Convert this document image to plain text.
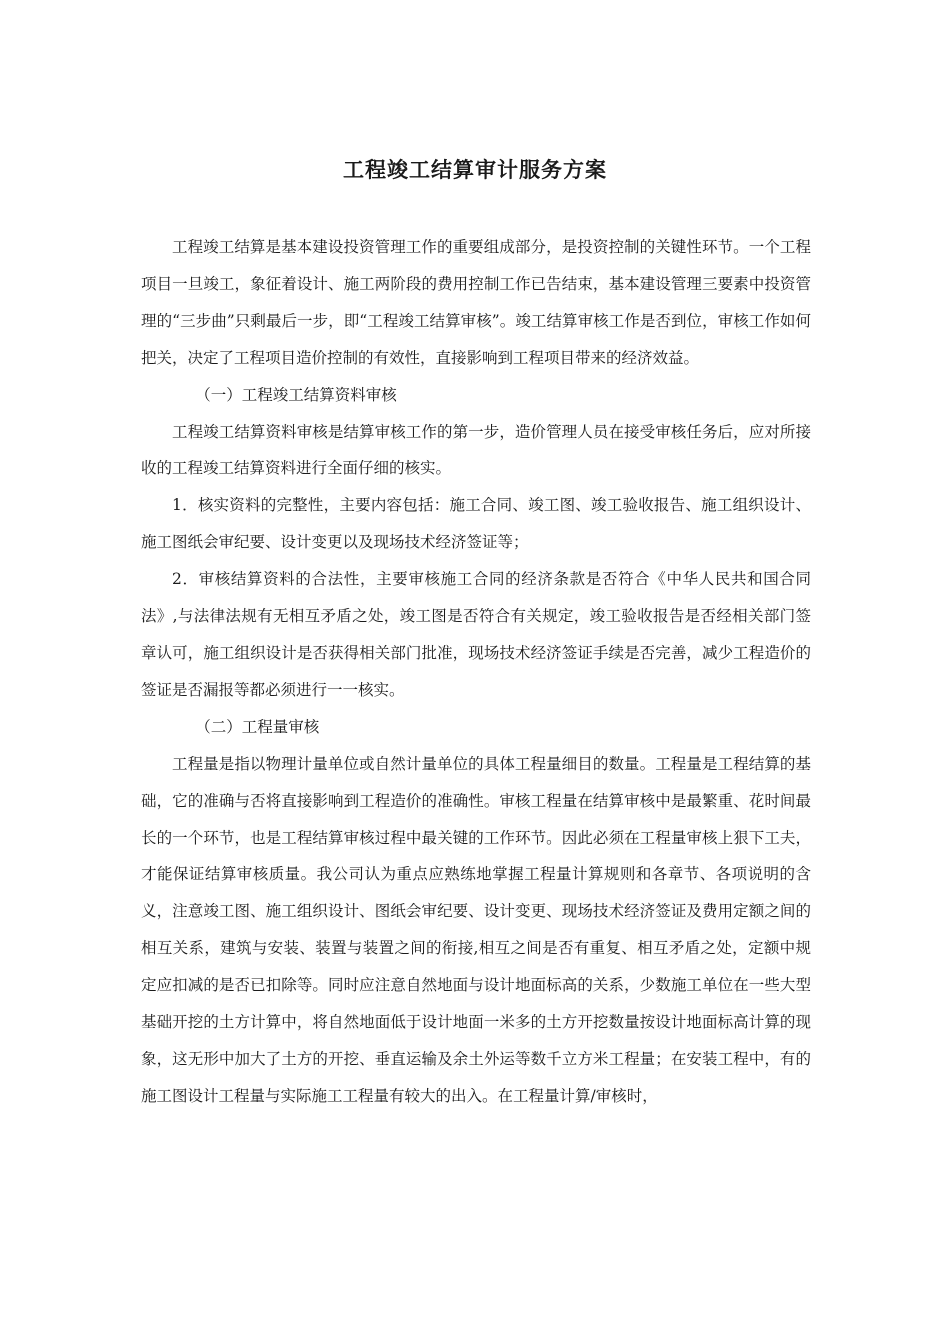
工程竣工结算审计服务方案

工程竣工结算是基本建设投资管理工作的重要组成部分，是投资控制的关键性环节。一个工程项目一旦竣工，象征着设计、施工两阶段的费用控制工作已告结束，基本建设管理三要素中投资管理的“三步曲”只剩最后一步，即“工程竣工结算审核”。竣工结算审核工作是否到位，审核工作如何把关，决定了工程项目造价控制的有效性，直接影响到工程项目带来的经济效益。

（一）工程竣工结算资料审核

工程竣工结算资料审核是结算审核工作的第一步，造价管理人员在接受审核任务后，应对所接收的工程竣工结算资料进行全面仔细的核实。

1．核实资料的完整性，主要内容包括：施工合同、竣工图、竣工验收报告、施工组织设计、施工图纸会审纪要、设计变更以及现场技术经济签证等；

2．审核结算资料的合法性，主要审核施工合同的经济条款是否符合《中华人民共和国合同法》,与法律法规有无相互矛盾之处，竣工图是否符合有关规定，竣工验收报告是否经相关部门签章认可，施工组织设计是否获得相关部门批准，现场技术经济签证手续是否完善，减少工程造价的签证是否漏报等都必须进行一一核实。

（二）工程量审核

工程量是指以物理计量单位或自然计量单位的具体工程量细目的数量。工程量是工程结算的基础，它的准确与否将直接影响到工程造价的准确性。审核工程量在结算审核中是最繁重、花时间最长的一个环节，也是工程结算审核过程中最关键的工作环节。因此必须在工程量审核上狠下工夫，才能保证结算审核质量。我公司认为重点应熟练地掌握工程量计算规则和各章节、各项说明的含义，注意竣工图、施工组织设计、图纸会审纪要、设计变更、现场技术经济签证及费用定额之间的相互关系，建筑与安装、装置与装置之间的衔接,相互之间是否有重复、相互矛盾之处，定额中规定应扣减的是否已扣除等。同时应注意自然地面与设计地面标高的关系，少数施工单位在一些大型基础开挖的土方计算中，将自然地面低于设计地面一米多的土方开挖数量按设计地面标高计算的现象，这无形中加大了土方的开挖、垂直运输及余土外运等数千立方米工程量；在安装工程中，有的施工图设计工程量与实际施工工程量有较大的出入。在工程量计算/审核时，
